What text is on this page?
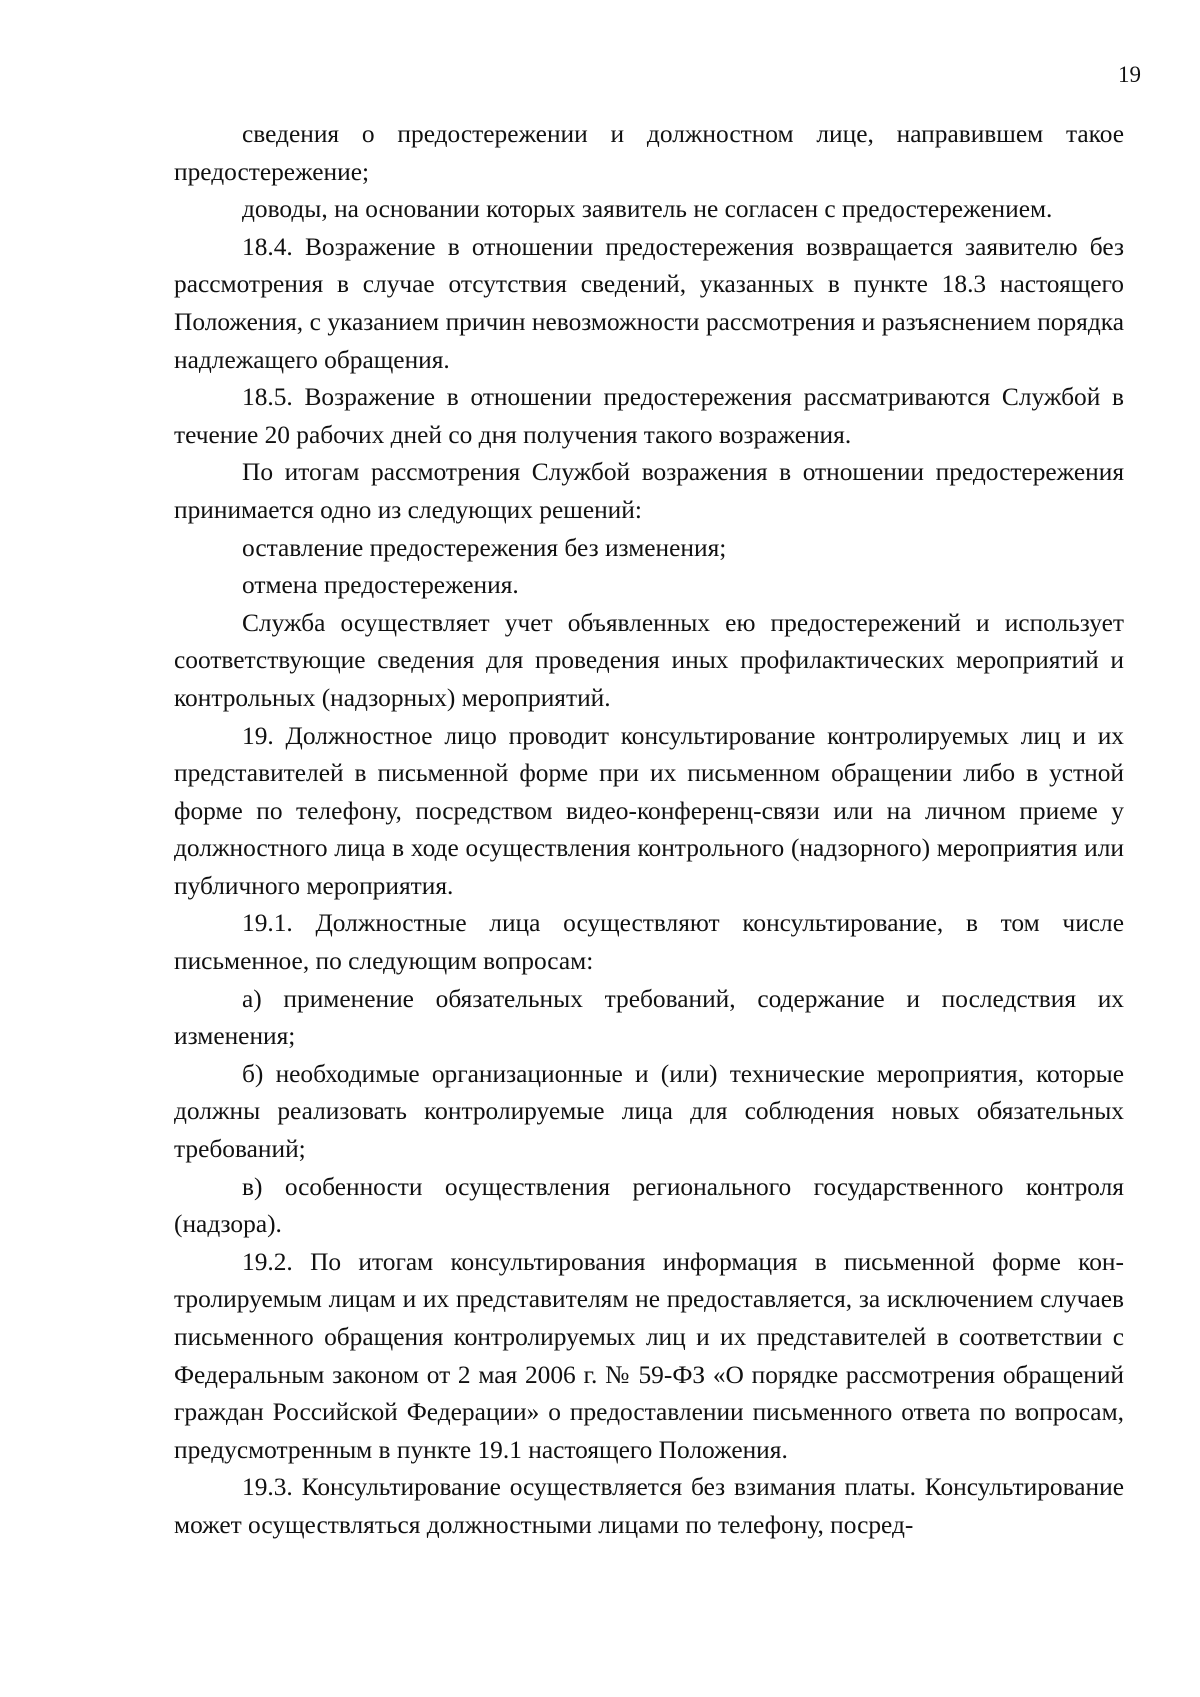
19

сведения о предостережении и должностном лице, направившем такое предостережение;

доводы, на основании которых заявитель не согласен с предостережением.

18.4. Возражение в отношении предостережения возвращается заявителю без рассмотрения в случае отсутствия сведений, указанных в пункте 18.3 настоящего Положения, с указанием причин невозможности рассмотрения и разъяснением порядка надлежащего обращения.

18.5. Возражение в отношении предостережения рассматриваются Службой в течение 20 рабочих дней со дня получения такого возражения.

По итогам рассмотрения Службой возражения в отношении предостережения принимается одно из следующих решений:

оставление предостережения без изменения;

отмена предостережения.

Служба осуществляет учет объявленных ею предостережений и использует соответствующие сведения для проведения иных профилактических мероприятий и контрольных (надзорных) мероприятий.

19. Должностное лицо проводит консультирование контролируемых лиц и их представителей в письменной форме при их письменном обращении либо в устной форме по телефону, посредством видео-конференц-связи или на личном приеме у должностного лица в ходе осуществления контрольного (надзорного) мероприятия или публичного мероприятия.

19.1. Должностные лица осуществляют консультирование, в том числе письменное, по следующим вопросам:

а) применение обязательных требований, содержание и последствия их изменения;

б) необходимые организационные и (или) технические мероприятия, которые должны реализовать контролируемые лица для соблюдения новых обязательных требований;

в) особенности осуществления регионального государственного контроля (надзора).

19.2. По итогам консультирования информация в письменной форме контролируемым лицам и их представителям не предоставляется, за исключением случаев письменного обращения контролируемых лиц и их представителей в соответствии с Федеральным законом от 2 мая 2006 г. № 59-ФЗ «О порядке рассмотрения обращений граждан Российской Федерации» о предоставлении письменного ответа по вопросам, предусмотренным в пункте 19.1 настоящего Положения.

19.3. Консультирование осуществляется без взимания платы. Консультирование может осуществляться должностными лицами по телефону, посред-
